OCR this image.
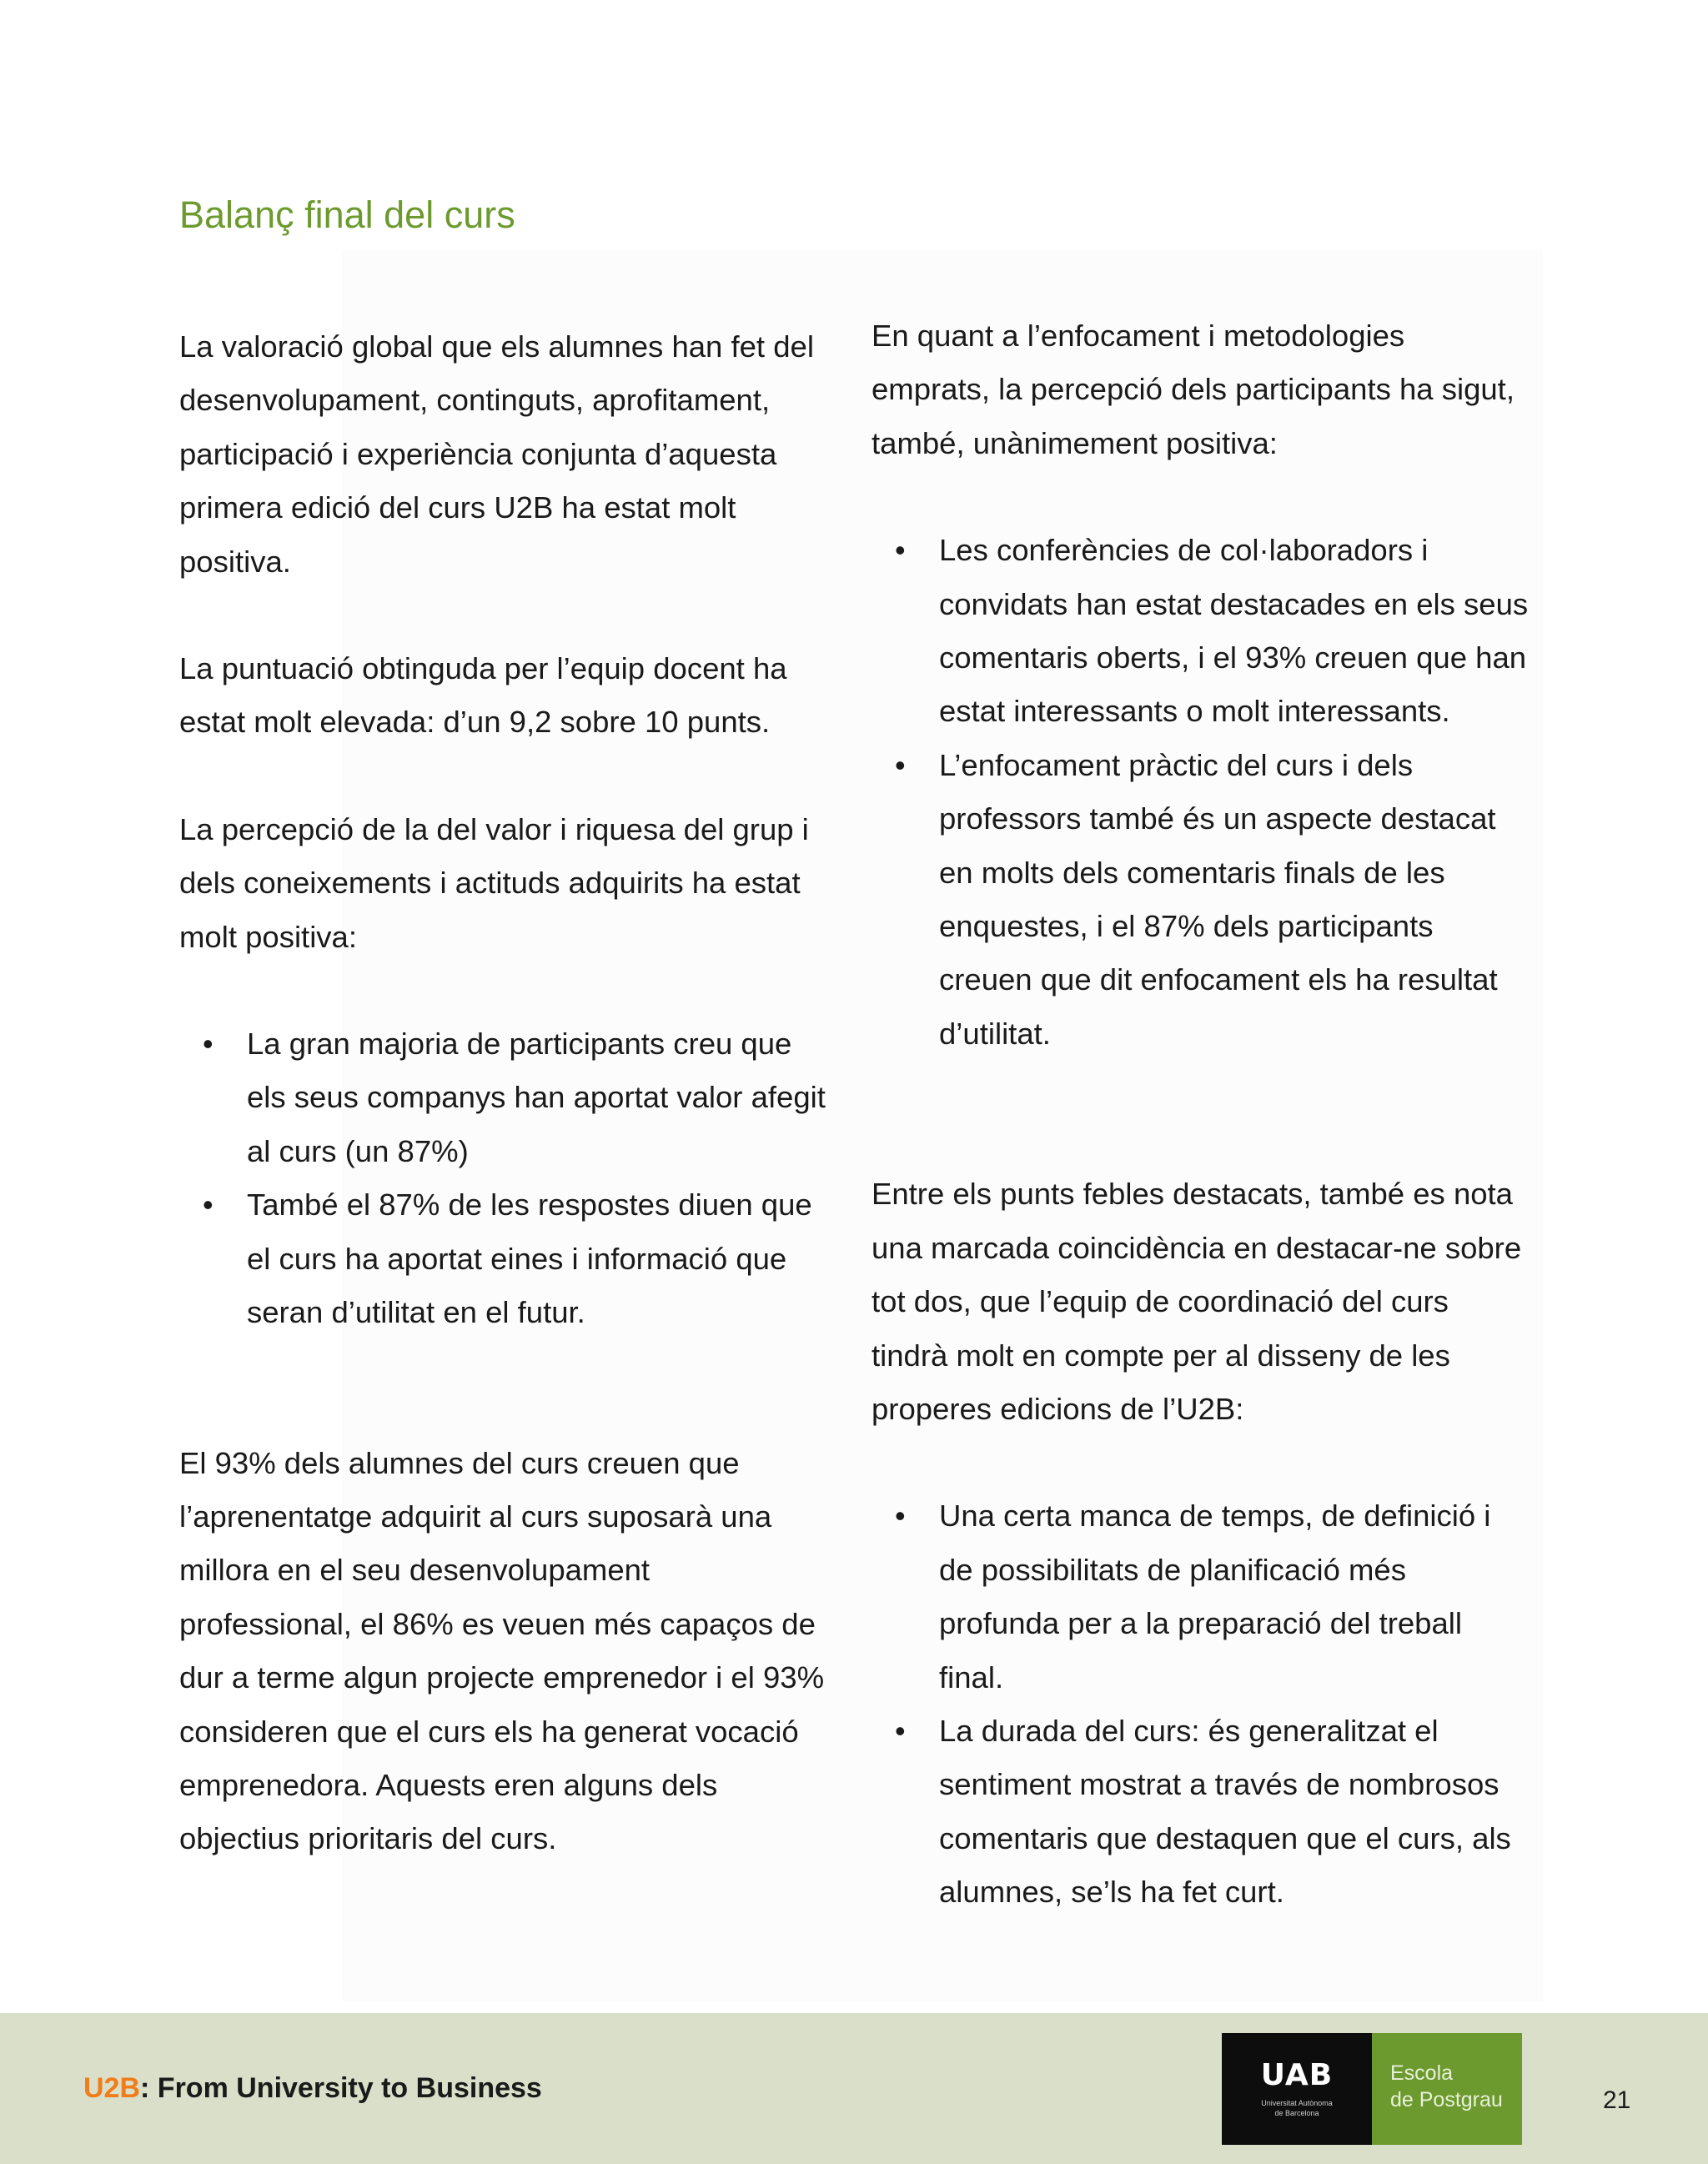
Balanç final del curs

La valoració global que els alumnes han fet del desenvolupament, continguts, aprofitament, participació i experiència conjunta d’aquesta primera edició del curs U2B ha estat molt positiva.

La puntuació obtinguda per l’equip docent ha estat molt elevada: d’un 9,2 sobre 10 punts.

La percepció de la del valor i riquesa del grup i dels coneixements i actituds adquirits ha estat molt positiva:

• La gran majoria de participants creu que els seus companys han aportat valor afegit al curs (un 87%)
• També el 87% de les respostes diuen que el curs ha aportat eines i informació que seran d’utilitat en el futur.

El 93% dels alumnes del curs creuen que l’aprenentatge adquirit al curs suposarà una millora en el seu desenvolupament professional, el 86% es veuen més capaços de dur a terme algun projecte emprenedor i el 93% consideren que el curs els ha generat vocació emprenedora. Aquests eren alguns dels objectius prioritaris del curs.

En quant a l’enfocament i metodologies emprats, la percepció dels participants ha sigut, també, unànimement positiva:

• Les conferències de col·laboradors i convidats han estat destacades en els seus comentaris oberts, i el 93% creuen que han estat interessants o molt interessants.
• L’enfocament pràctic del curs i dels professors també és un aspecte destacat en molts dels comentaris finals de les enquestes, i el 87% dels participants creuen que dit enfocament els ha resultat d’utilitat.

Entre els punts febles destacats, també es nota una marcada coincidència en destacar-ne sobre tot dos, que l’equip de coordinació del curs tindrà molt en compte per al disseny de les properes edicions de l’U2B:

• Una certa manca de temps, de definició i de possibilitats de planificació més profunda per a la preparació del treball final.
• La durada del curs: és generalitzat el sentiment mostrat a través de nombrosos comentaris que destaquen que el curs, als alumnes, se’ls ha fet curt.
U2B: From University to Business	UAB
Universitat Autònoma
de Barcelona
Escola
de Postgrau	21
